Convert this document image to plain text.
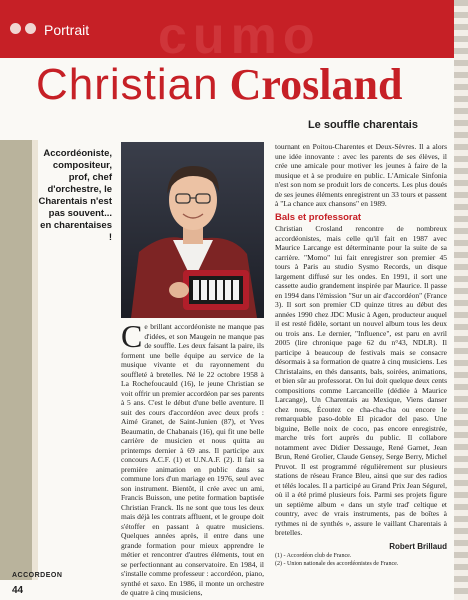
Portrait cumo
Christian Crosland
Le souffle charentais
Accordéoniste, compositeur, prof, chef d'orchestre, le Charentais n'est pas souvent... en charentaises !

Ce brillant accordéoniste ne manque pas d'idées, et son Maugein ne manque pas de souffle. Les deux faisant la paire, ils forment une belle équipe au service de la musique vivante et du rayonnement du souffleté à bretelles. Né le 22 octobre 1958 à La Rochefoucauld (16), le jeune Christian se voit offrir un premier accordéon par ses parents à 5 ans. C'est le début d'une belle aventure. Il suit des cours d'accordéon avec deux profs : Aimé Granet, de Saint-Junien (87), et Yves Beaumatin, de Chabanais (16), qui fit une belle carrière de musicien et nous quitta au printemps dernier à 69 ans. Il participe aux concours A.C.F. (1) et U.N.A.F. (2). Il fait sa première animation en public dans sa commune lors d'un mariage en 1976, seul avec son instrument. Bientôt, il crée avec un ami, Francis Buisson, une petite formation baptisée Christian Franck. Ils ne sont que tous les deux mais déjà les contrats affluent, et le groupe doit s'étoffer en passant à quatre musiciens. Quelques années après, il entre dans une grande formation pour mieux apprendre le métier et rencontrer d'autres éléments, tout en se perfectionnant au conservatoire. En 1984, il s'installe comme professeur : accordéon, piano, synthé et saxo. En 1986, il monte un orchestre de quatre à cinq musiciens,

tournant en Poitou-Charentes et Deux-Sèvres. Il a alors une idée innovante : avec les parents de ses élèves, il crée une amicale pour motiver les jeunes à faire de la musique et à se produire en public. L'Amicale Sinfonia n'est son nom se produit lors de concerts. Les plus doués de ses jeunes éléments enregistrent un 33 tours et passent à "La chance aux chansons" en 1989.

Bals et professorat

Christian Crosland rencontre de nombreux accordéonistes, mais celle qu'il fait en 1987 avec Maurice Larcange est déterminante pour la suite de sa carrière. "Momo" lui fait enregistrer son premier 45 tours à Paris au studio Sysmo Records, un disque largement diffusé sur les ondes. En 1991, il sort une cassette audio grandement inspirée par Maurice. Il passe en 1994 dans l'émission "Sur un air d'accordéon" (France 3). Il sort son premier CD quinze titres au début des années 1990 chez JDC Music à Agen, producteur auquel il est resté fidèle, sortant un nouvel album tous les deux ou trois ans. Le dernier, "Influence", est paru en avril 2005 (lire chronique page 62 du n°43, NDLR). Il participe à beaucoup de festivals mais se consacre désormais à sa formation de quatre à cinq musiciens. Les Christalains, en thés dansants, bals, soirées, animations, et bien sûr au professorat. On lui doit quelque deux cents compositions comme Larcanceille (dédiée à Maurice Larcange), Un Charentais au Mexique, Viens danser chez nous, Écoutez ce cha-cha-cha ou encore le remarquable paso-doble El picador del paso. Une biguine, Belle noix de coco, pas encore enregistrée, marche très fort auprès du public. Il collabore notamment avec Didier Dessauge, René Garnet, Jean Brun, René Grolier, Claude Gensey, Serge Berry, Michel Pruvot. Il est programmé régulièrement sur plusieurs stations de réseau France Bleu, ainsi que sur des radios et télés locales. Il a participé au Grand Prix Jean Ségurel, où il a été primé plusieurs fois. Parmi ses projets figure un septième album « dans un style trad' celtique et country, avec de vrais instruments, pas de boîtes à rythmes ni de synthés », assure le vaillant Charentais à bretelles.

Robert Brillaud
(1) - Accordéon club de France.
(2) - Union nationale des accordéonistes de France.
ACCORDEON
44
